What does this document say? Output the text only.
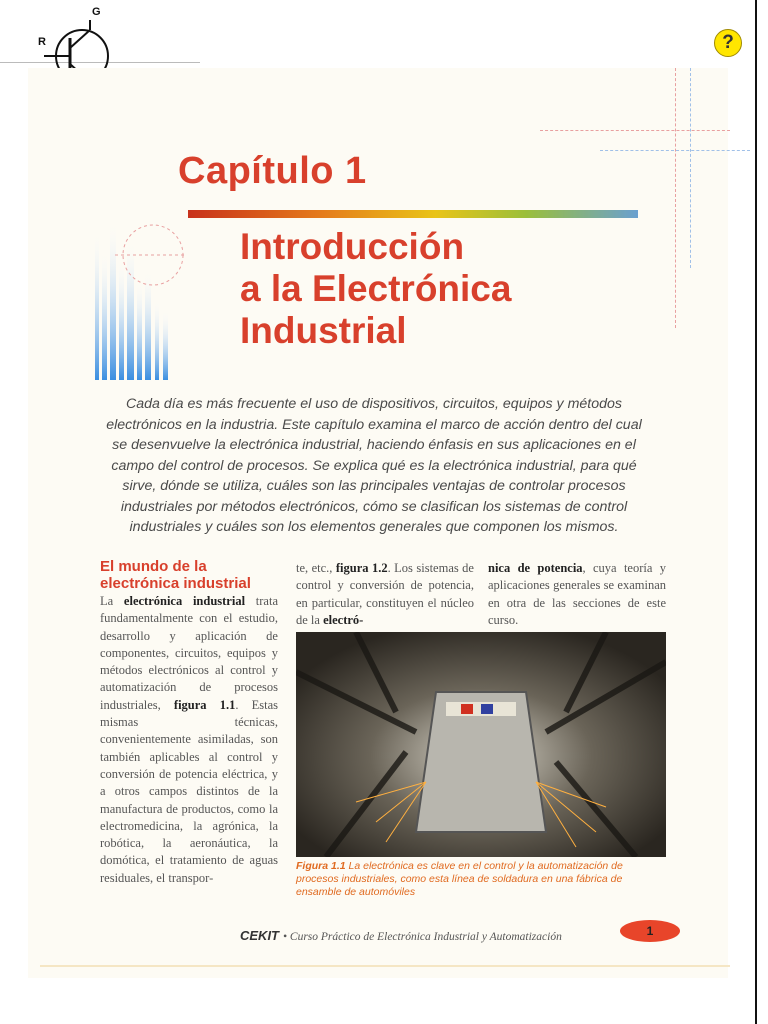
G
R	?
Capítulo 1
Introducción
a la Electrónica
Industrial
Cada día es más frecuente el uso de dispositivos, circuitos, equipos y métodos electrónicos en la industria. Este capítulo examina el marco de acción dentro del cual se desenvuelve la electrónica industrial, haciendo énfasis en sus aplicaciones en el campo del control de procesos. Se explica qué es la electrónica industrial, para qué sirve, dónde se utiliza, cuáles son las principales ventajas de controlar procesos industriales por métodos electrónicos, cómo se clasifican los sistemas de control industriales y cuáles son los elementos generales que componen los mismos.
El mundo de la electrónica industrial
La electrónica industrial trata fundamentalmente con el estudio, desarrollo y aplicación de componentes, circuitos, equipos y métodos electrónicos al control y automatización de procesos industriales, figura 1.1. Estas mismas técnicas, convenientemente asimiladas, son también aplicables al control y conversión de potencia eléctrica, y a otros campos distintos de la manufactura de productos, como la electromedicina, la agrónica, la robótica, la aeronáutica, la domótica, el tratamiento de aguas residuales, el transpor-
te, etc., figura 1.2. Los sistemas de control y conversión de potencia, en particular, constituyen el núcleo de la electró-
nica de potencia, cuya teoría y aplicaciones generales se examinan en otra de las secciones de este curso.
Figura 1.1 La electrónica es clave en el control y la automatización de procesos industriales, como esta línea de soldadura en una fábrica de ensamble de automóviles
CEKIT • Curso Práctico de Electrónica Industrial y Automatización	1
